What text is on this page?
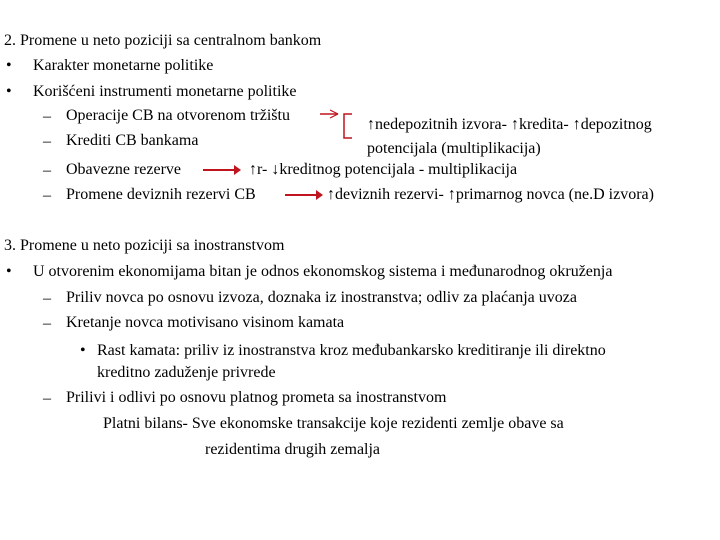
2. Promene u neto poziciji sa centralnom bankom
• Karakter monetarne politike
• Korišćeni instrumenti monetarne politike
– Operacije CB na otvorenom tržištu
– Krediti CB bankama
– Obavezne rezerve
– Promene deviznih rezervi CB
↑nedepozitnih izvora- ↑kredita- ↑depozitnog
potencijala (multiplikacija)
↑r- ↓kreditnog potencijala - multiplikacija
↑deviznih rezervi- ↑primarnog novca (ne.D izvora)
3. Promene u neto poziciji sa inostranstvom
• U otvorenim ekonomijama bitan je odnos ekonomskog sistema i međunarodnog okruženja
– Priliv novca po osnovu izvoza, doznaka iz inostranstva; odliv za plaćanja uvoza
– Kretanje novca motivisano visinom kamata
• Rast kamata: priliv iz inostranstva kroz međubankarsko kreditiranje ili direktno
kreditno zaduženje privrede
– Prilivi i odlivi po osnovu platnog prometa sa inostranstvom
Platni bilans- Sve ekonomske transakcije koje rezidenti zemlje obave sa
rezidentima drugih zemalja
